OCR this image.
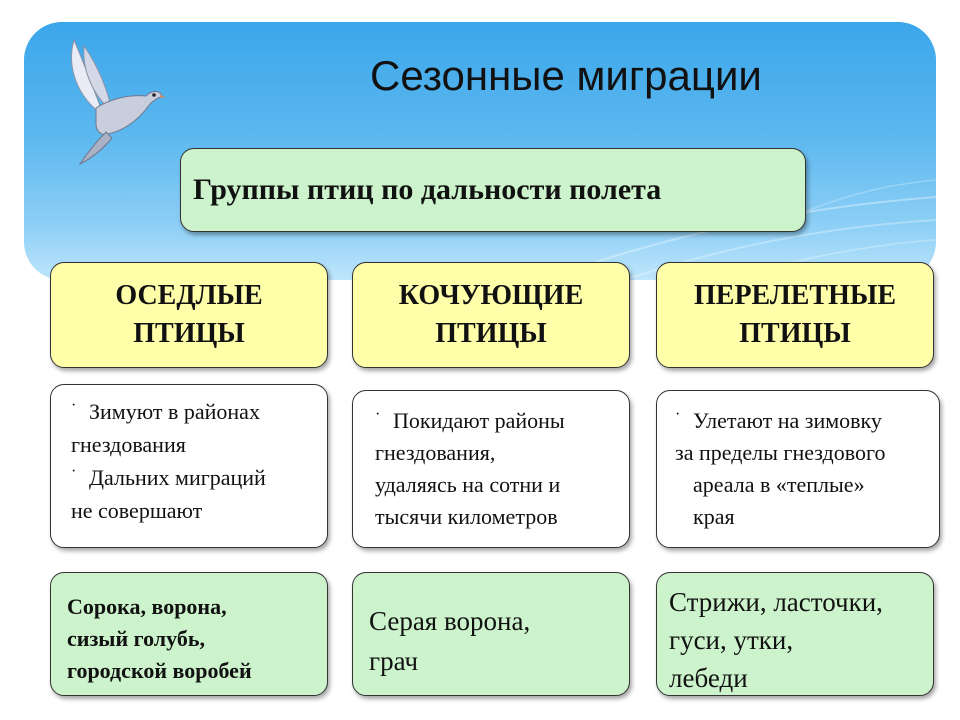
Сезонные миграции
Группы птиц по дальности полета
ОСЕДЛЫЕ
ПТИЦЫ
КОЧУЮЩИЕ
ПТИЦЫ
ПЕРЕЛЕТНЫЕ
ПТИЦЫ
· Зимуют в районах
гнездования
· Дальних миграций
не совершают
· Покидают районы
гнездования,
удаляясь на сотни и
тысячи километров
· Улетают на зимовку
за пределы гнездового
ареала в «теплые»
края
Сорока, ворона,
сизый голубь,
городской воробей
Серая ворона,
грач
Стрижи, ласточки,
гуси, утки,
лебеди
